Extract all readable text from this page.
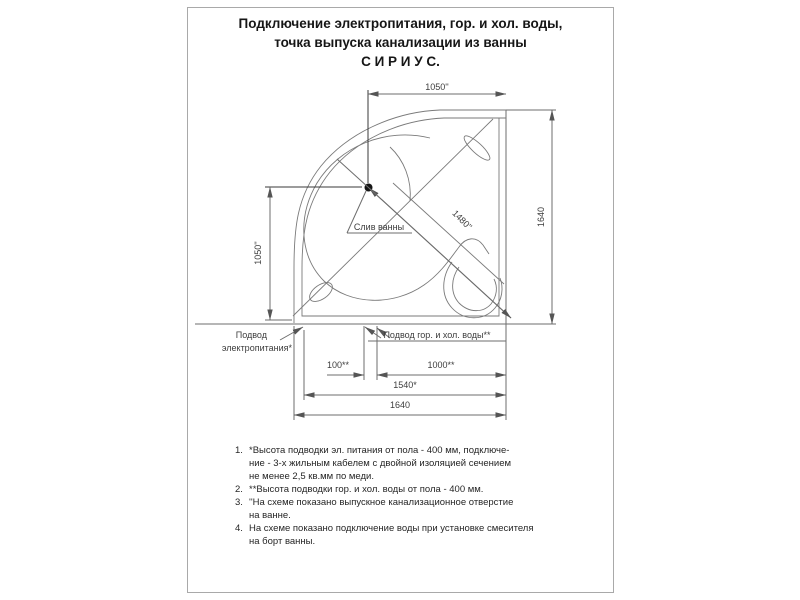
Подключение электропитания, гор. и хол. воды,
точка выпуска канализации из ванны
С И Р И У С.
1050''
1050''
1640
1480''
100**	1000**
1540*
1640
Слив ванны
Подвод
электропитания*
Подвод гор. и хол. воды**
1. *Высота подводки эл. питания от пола - 400 мм, подключе-
ние - 3-х жильным кабелем с двойной изоляцией сечением
не менее 2,5 кв.мм по меди.
2. **Высота подводки гор. и хол. воды от пола - 400 мм.
3. ''На схеме показано выпускное канализационное отверстие
на ванне.
4. На схеме показано подключение воды при установке смесителя
на борт ванны.
